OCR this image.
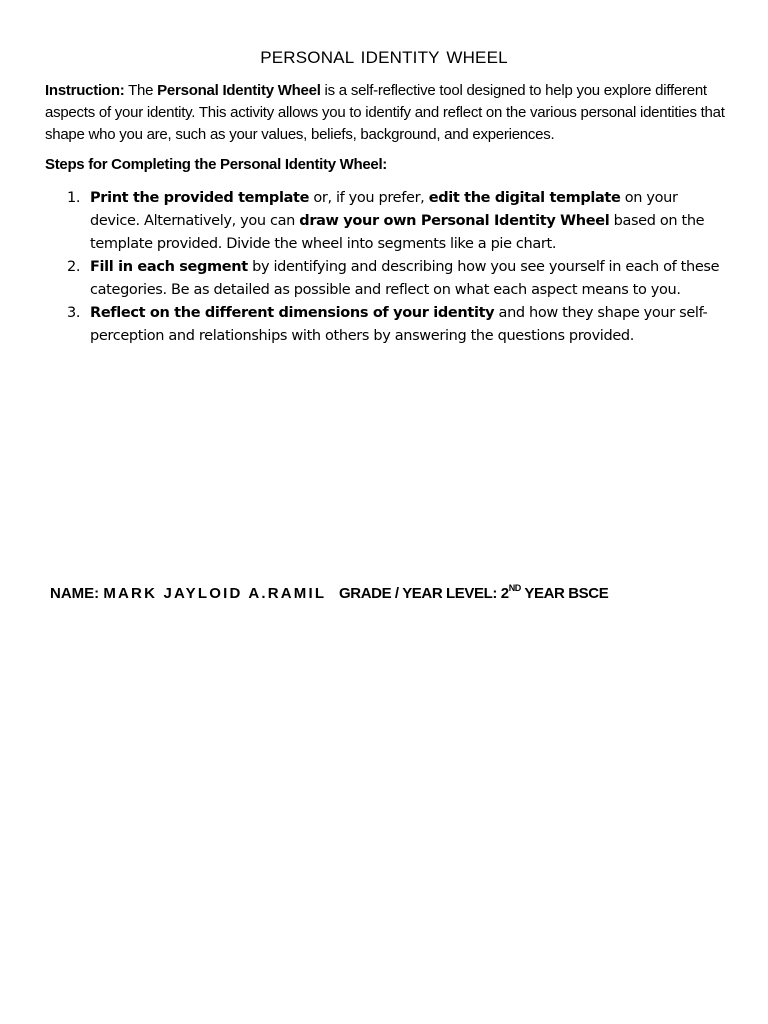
PERSONAL IDENTITY WHEEL
Instruction: The Personal Identity Wheel is a self-reflective tool designed to help you explore different aspects of your identity. This activity allows you to identify and reflect on the various personal identities that shape who you are, such as your values, beliefs, background, and experiences.
Steps for Completing the Personal Identity Wheel:
1. Print the provided template or, if you prefer, edit the digital template on your device. Alternatively, you can draw your own Personal Identity Wheel based on the template provided. Divide the wheel into segments like a pie chart.
2. Fill in each segment by identifying and describing how you see yourself in each of these categories. Be as detailed as possible and reflect on what each aspect means to you.
3. Reflect on the different dimensions of your identity and how they shape your self-perception and relationships with others by answering the questions provided.
NAME: MARK JAYLOID A.RAMIL GRADE / YEAR LEVEL: 2ND YEAR BSCE
